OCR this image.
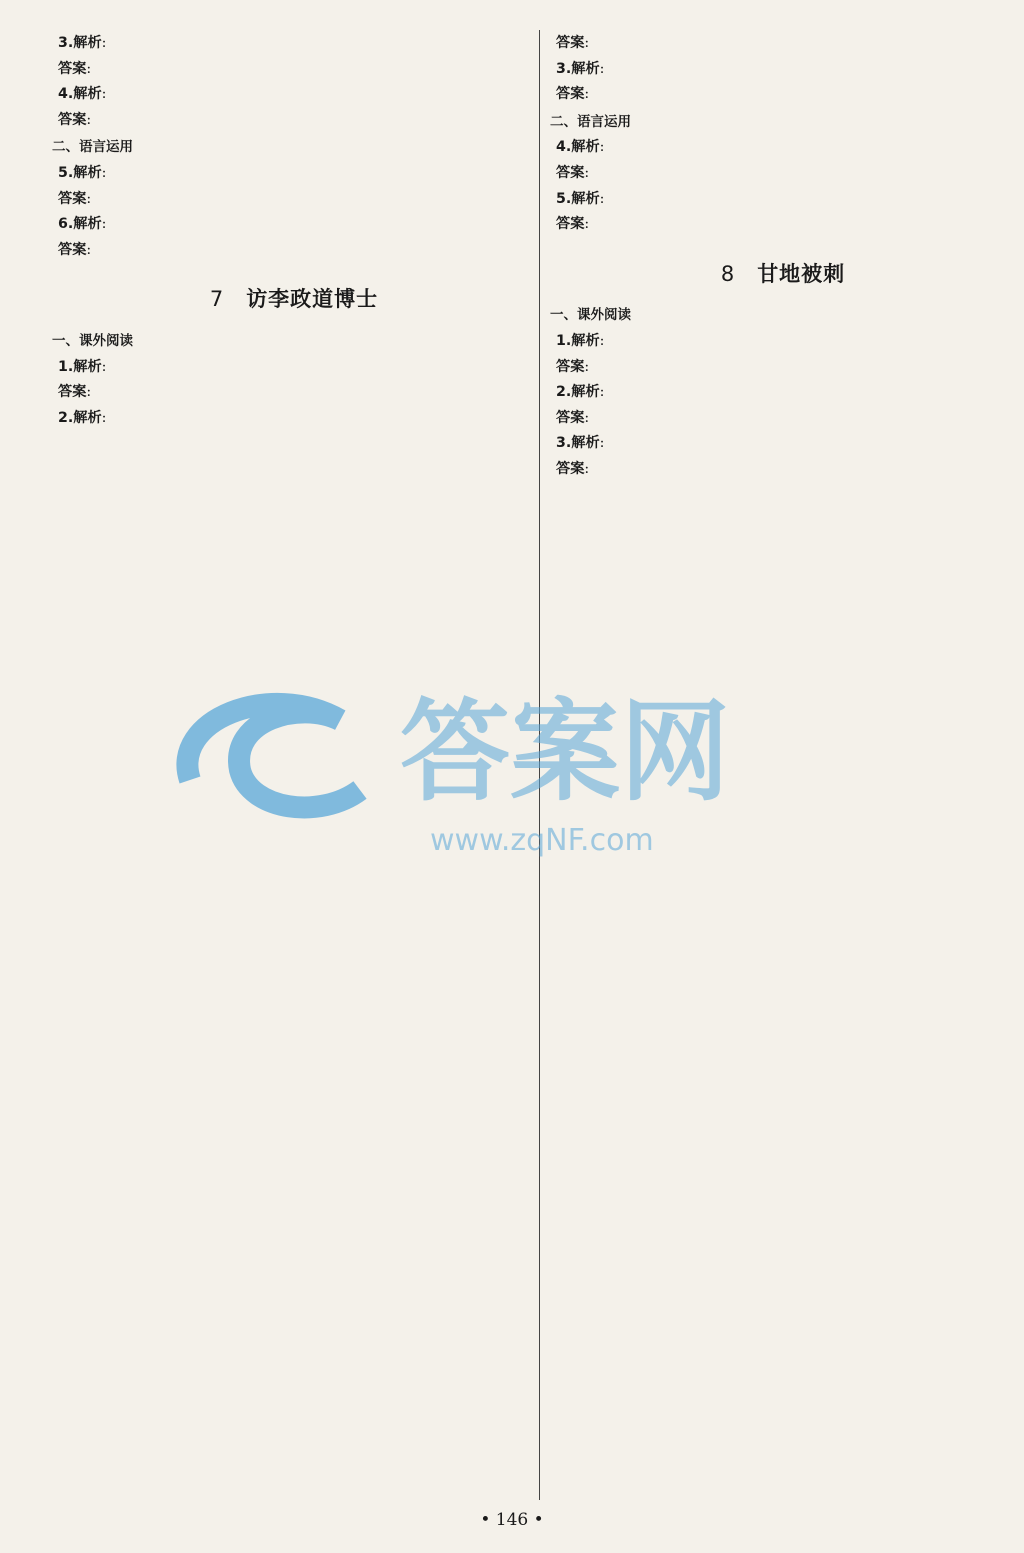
3.解析:
答案:
4.解析:
答案:
二、语言运用
5.解析:
答案:
6.解析:
答案:
7 访李政道博士
一、课外阅读
1.解析:
答案:
2.解析:
答案:
3.解析:
答案:
二、语言运用
4.解析:
答案:
5.解析:
答案:
8 甘地被刺
一、课外阅读
1.解析:
答案:
2.解析:
答案:
3.解析:
答案:
答案网
www.zqNF.com
• 146 •
